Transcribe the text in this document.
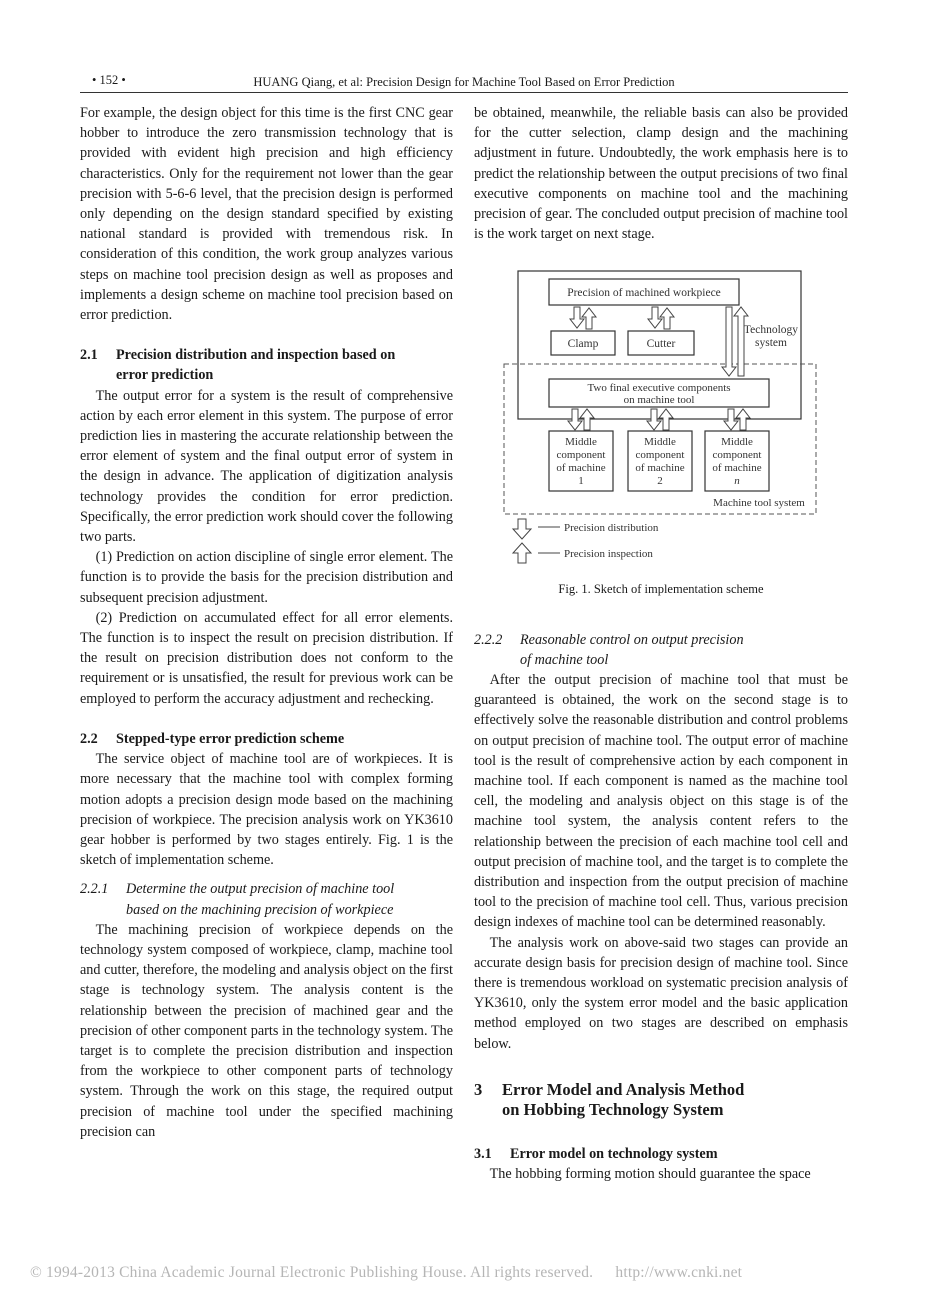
• 152 •	HUANG Qiang, et al: Precision Design for Machine Tool Based on Error Prediction

For example, the design object for this time is the first CNC gear hobber to introduce the zero transmission technology that is provided with evident high precision and high efficiency characteristics. Only for the requirement not lower than the gear precision with 5-6-6 level, that the precision design is performed only depending on the design standard specified by existing national standard is provided with tremendous risk. In consideration of this condition, the work group analyzes various steps on machine tool precision design as well as proposes and implements a design scheme on machine tool precision based on error prediction.

2.1 Precision distribution and inspection based on
error prediction

The output error for a system is the result of comprehensive action by each error element in this system. The purpose of error prediction lies in mastering the accurate relationship between the error element of system and the final output error of system in the design in advance. The application of digitization analysis technology provides the condition for error prediction. Specifically, the error prediction work should cover the following two parts.

(1) Prediction on action discipline of single error element. The function is to provide the basis for the precision distribution and subsequent precision adjustment.

(2) Prediction on accumulated effect for all error elements. The function is to inspect the result on precision distribution. If the result on precision distribution does not conform to the requirement or is unsatisfied, the result for previous work can be employed to perform the accuracy adjustment and rechecking.

2.2 Stepped-type error prediction scheme

The service object of machine tool are of workpieces. It is more necessary that the machine tool with complex forming motion adopts a precision design mode based on the machining precision of workpiece. The precision analysis work on YK3610 gear hobber is performed by two stages entirely. Fig. 1 is the sketch of implementation scheme.

2.2.1 Determine the output precision of machine tool
based on the machining precision of workpiece

The machining precision of workpiece depends on the technology system composed of workpiece, clamp, machine tool and cutter, therefore, the modeling and analysis object on the first stage is technology system. The analysis content is the relationship between the precision of machined gear and the precision of other component parts in the technology system. The target is to complete the precision distribution and inspection from the workpiece to other component parts of technology system. Through the work on this stage, the required output precision of machine tool under the specified machining precision can

be obtained, meanwhile, the reliable basis can also be provided for the cutter selection, clamp design and the machining adjustment in future. Undoubtedly, the work emphasis here is to predict the relationship between the output precisions of two final executive components on machine tool and the machining precision of gear. The concluded output precision of machine tool is the work target on next stage.

Precision of machined workpiece
Clamp	Cutter
Technology
system
Two final executive components
on machine tool
Middle
component
of machine
1
Middle
component
of machine
2
Middle
component
of machine
n
Machine tool system
Precision distribution
Precision inspection

Fig. 1. Sketch of implementation scheme

2.2.2 Reasonable control on output precision
of machine tool

After the output precision of machine tool that must be guaranteed is obtained, the work on the second stage is to effectively solve the reasonable distribution and control problems on output precision of machine tool. The output error of machine tool is the result of comprehensive action by each component in machine tool. If each component is named as the machine tool cell, the modeling and analysis object on this stage is of the machine tool system, the analysis content refers to the relationship between the precision of each machine tool cell and output precision of machine tool, and the target is to complete the distribution and inspection from the output precision of machine tool to the precision of machine tool cell. Thus, various precision design indexes of machine tool can be determined reasonably.

The analysis work on above-said two stages can provide an accurate design basis for precision design of machine tool. Since there is tremendous workload on systematic precision analysis of YK3610, only the system error model and the basic application method employed on two stages are described on emphasis below.

3 Error Model and Analysis Method
on Hobbing Technology System
3.1 Error model on technology system

The hobbing forming motion should guarantee the space

© 1994-2013 China Academic Journal Electronic Publishing House. All rights reserved. http://www.cnki.net
